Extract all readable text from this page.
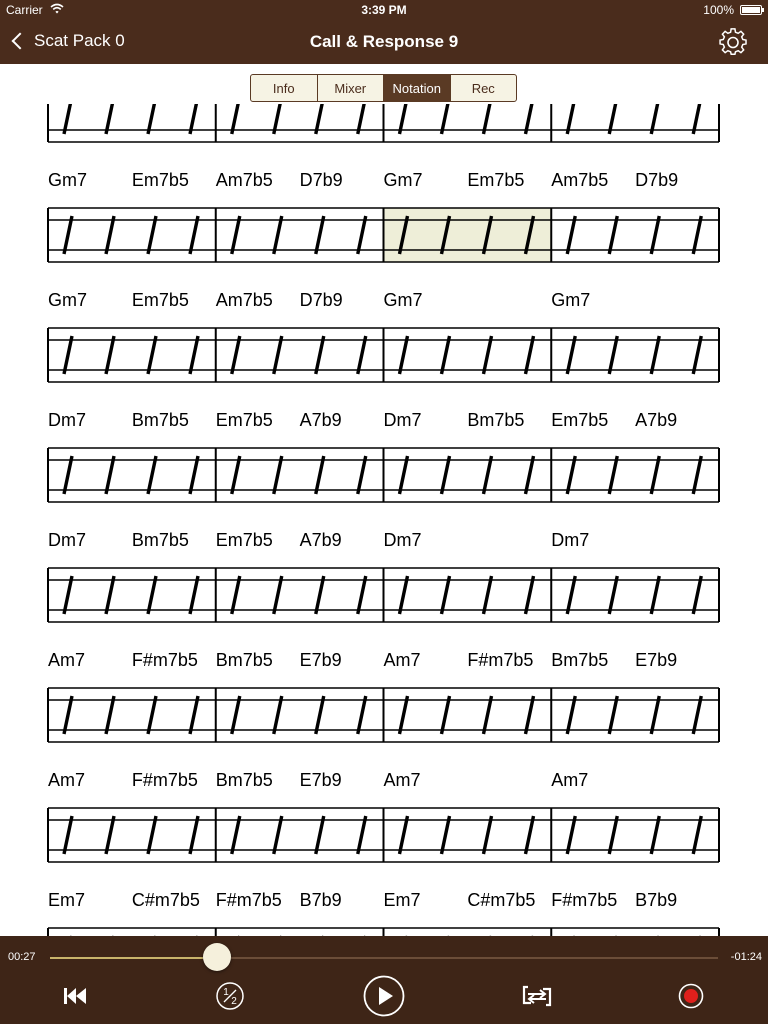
Carrier	3:39 PM	100%
Scat Pack 0	Call & Response 9
Info	Mixer	Notation	Rec
Gm7 Em7b5 Am7b5 D7b9 Gm7 Em7b5 Am7b5 D7b9
Gm7 Em7b5 Am7b5 D7b9 Gm7	Gm7
Dm7	Bm7b5 Em7b5 A7b9 Dm7	Bm7b5 Em7b5 A7b9
Dm7	Bm7b5 Em7b5 A7b9 Dm7	Dm7
Am7	F#m7b5 Bm7b5 E7b9 Am7	F#m7b5 Bm7b5 E7b9
Am7	F#m7b5 Bm7b5 E7b9 Am7	Am7
Em7	C#m7b5 F#m7b5 B7b9 Em7	C#m7b5 F#m7b5 B7b9
00:27	-01:24
1
2
